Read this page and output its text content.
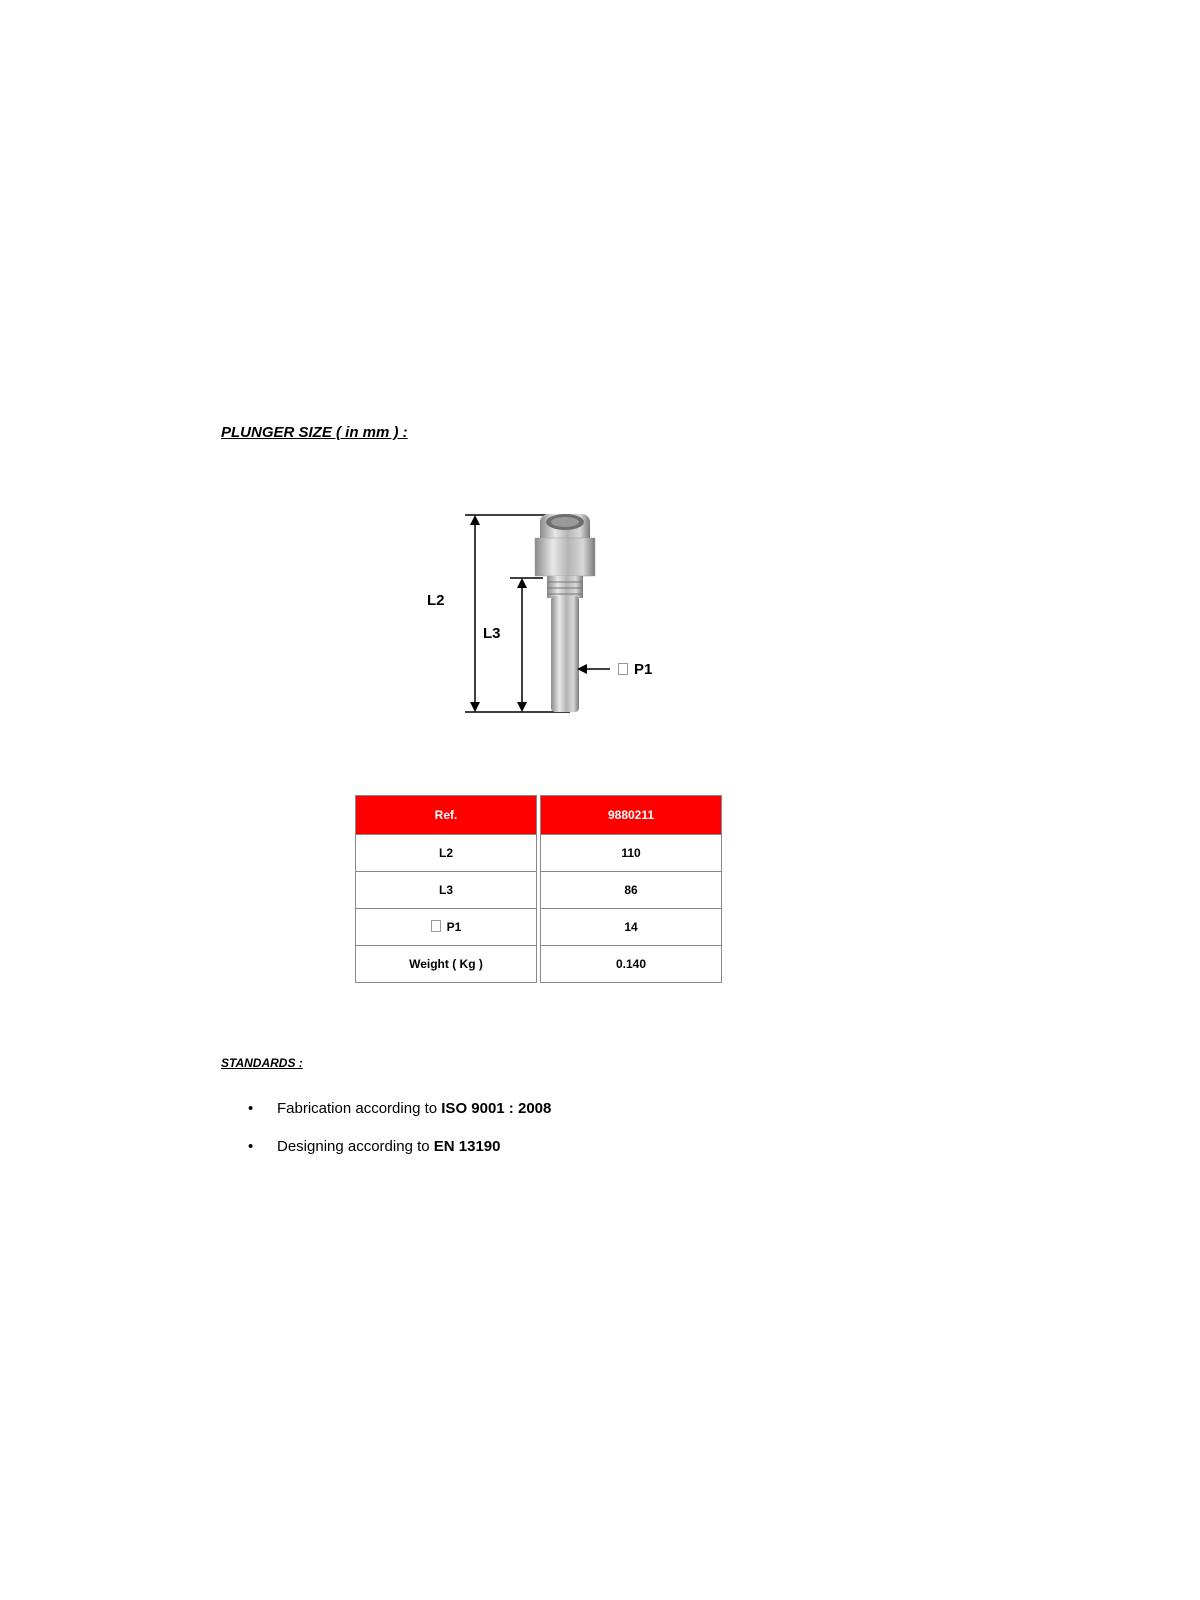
PLUNGER SIZE ( in mm ) :
L2
L3
P1
Ref.	9880211
L2	110
L3	86
P1	14
Weight ( Kg )	0.140
STANDARDS :
• Fabrication according to ISO 9001 : 2008
• Designing according to EN 13190
